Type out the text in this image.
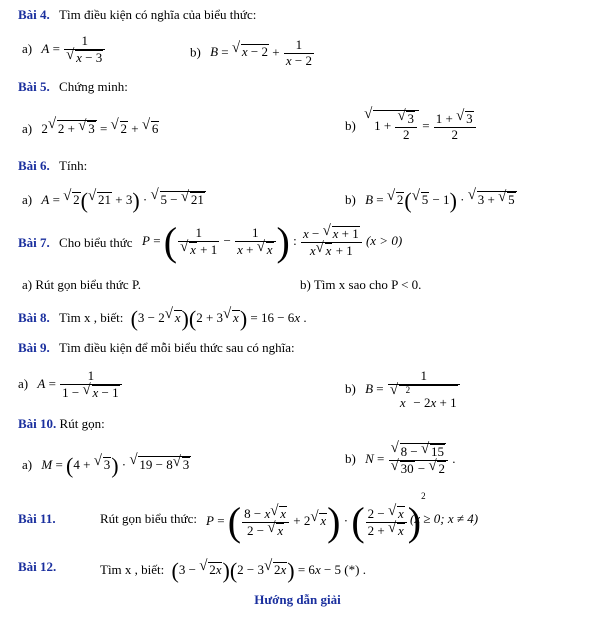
Bài 4. Tìm điều kiện có nghĩa của biểu thức:
a) A = 1
√ x − 3	b) B = √ $x - 2 + \frac{1}{x - 2}$
Bài 5. Chứng minh:
a) 2√ 2 + √ 3 = √ 2 + √ 6	b) √ 1 +
√ $\frac{3}{2} = \frac{1 + √ 3}{2}$
Bài 6. Tính:
a) A = √ 2(√ 21 + 3) · √ 5 − √ 21	b) B = √ 2(√ 5 − 1) · √ 3 + √ 5
Bài 7. Cho biểu thức P = ( 1
√ $x + 1 - \frac{1}{x + √ x}$ ) : $\frac{x - √ x + 1}{x√ x + 1} (x > 0)$
a) Rút gọn biểu thức P.	b) Tìm x sao cho P < 0.
Bài 8. Tìm x , biết: (3 − 2√ x)(2 + 3√ x) = 16 − 6x .
Bài 9. Tìm điều kiện để mỗi biểu thức sau có nghĩa:
a) $A = \frac{1}{1 - √ x - 1}$	b) B = 1
√ $x^2 - 2x + 1$
Bài 10. Rút gọn:
a) M = (4 + √ 3) · √ 19 − 8√ 3	b) N =
√ 8 − √ 15
√ 30 − √ 2 .
Bài 11.	Rút gọn biểu thức: P = ( $\frac{8 - x√ x}{2 - √ x} + 2√$ x) · ( $\frac{2 - √ x}{2 + √ x} )^2$
(x ≥ 0; x ≠ 4)
Bài 12.	Tìm x , biết: (3 − √ 2x)(2 − 3√ 2x) = 6x − 5 (*) .
Hướng dẫn giải
